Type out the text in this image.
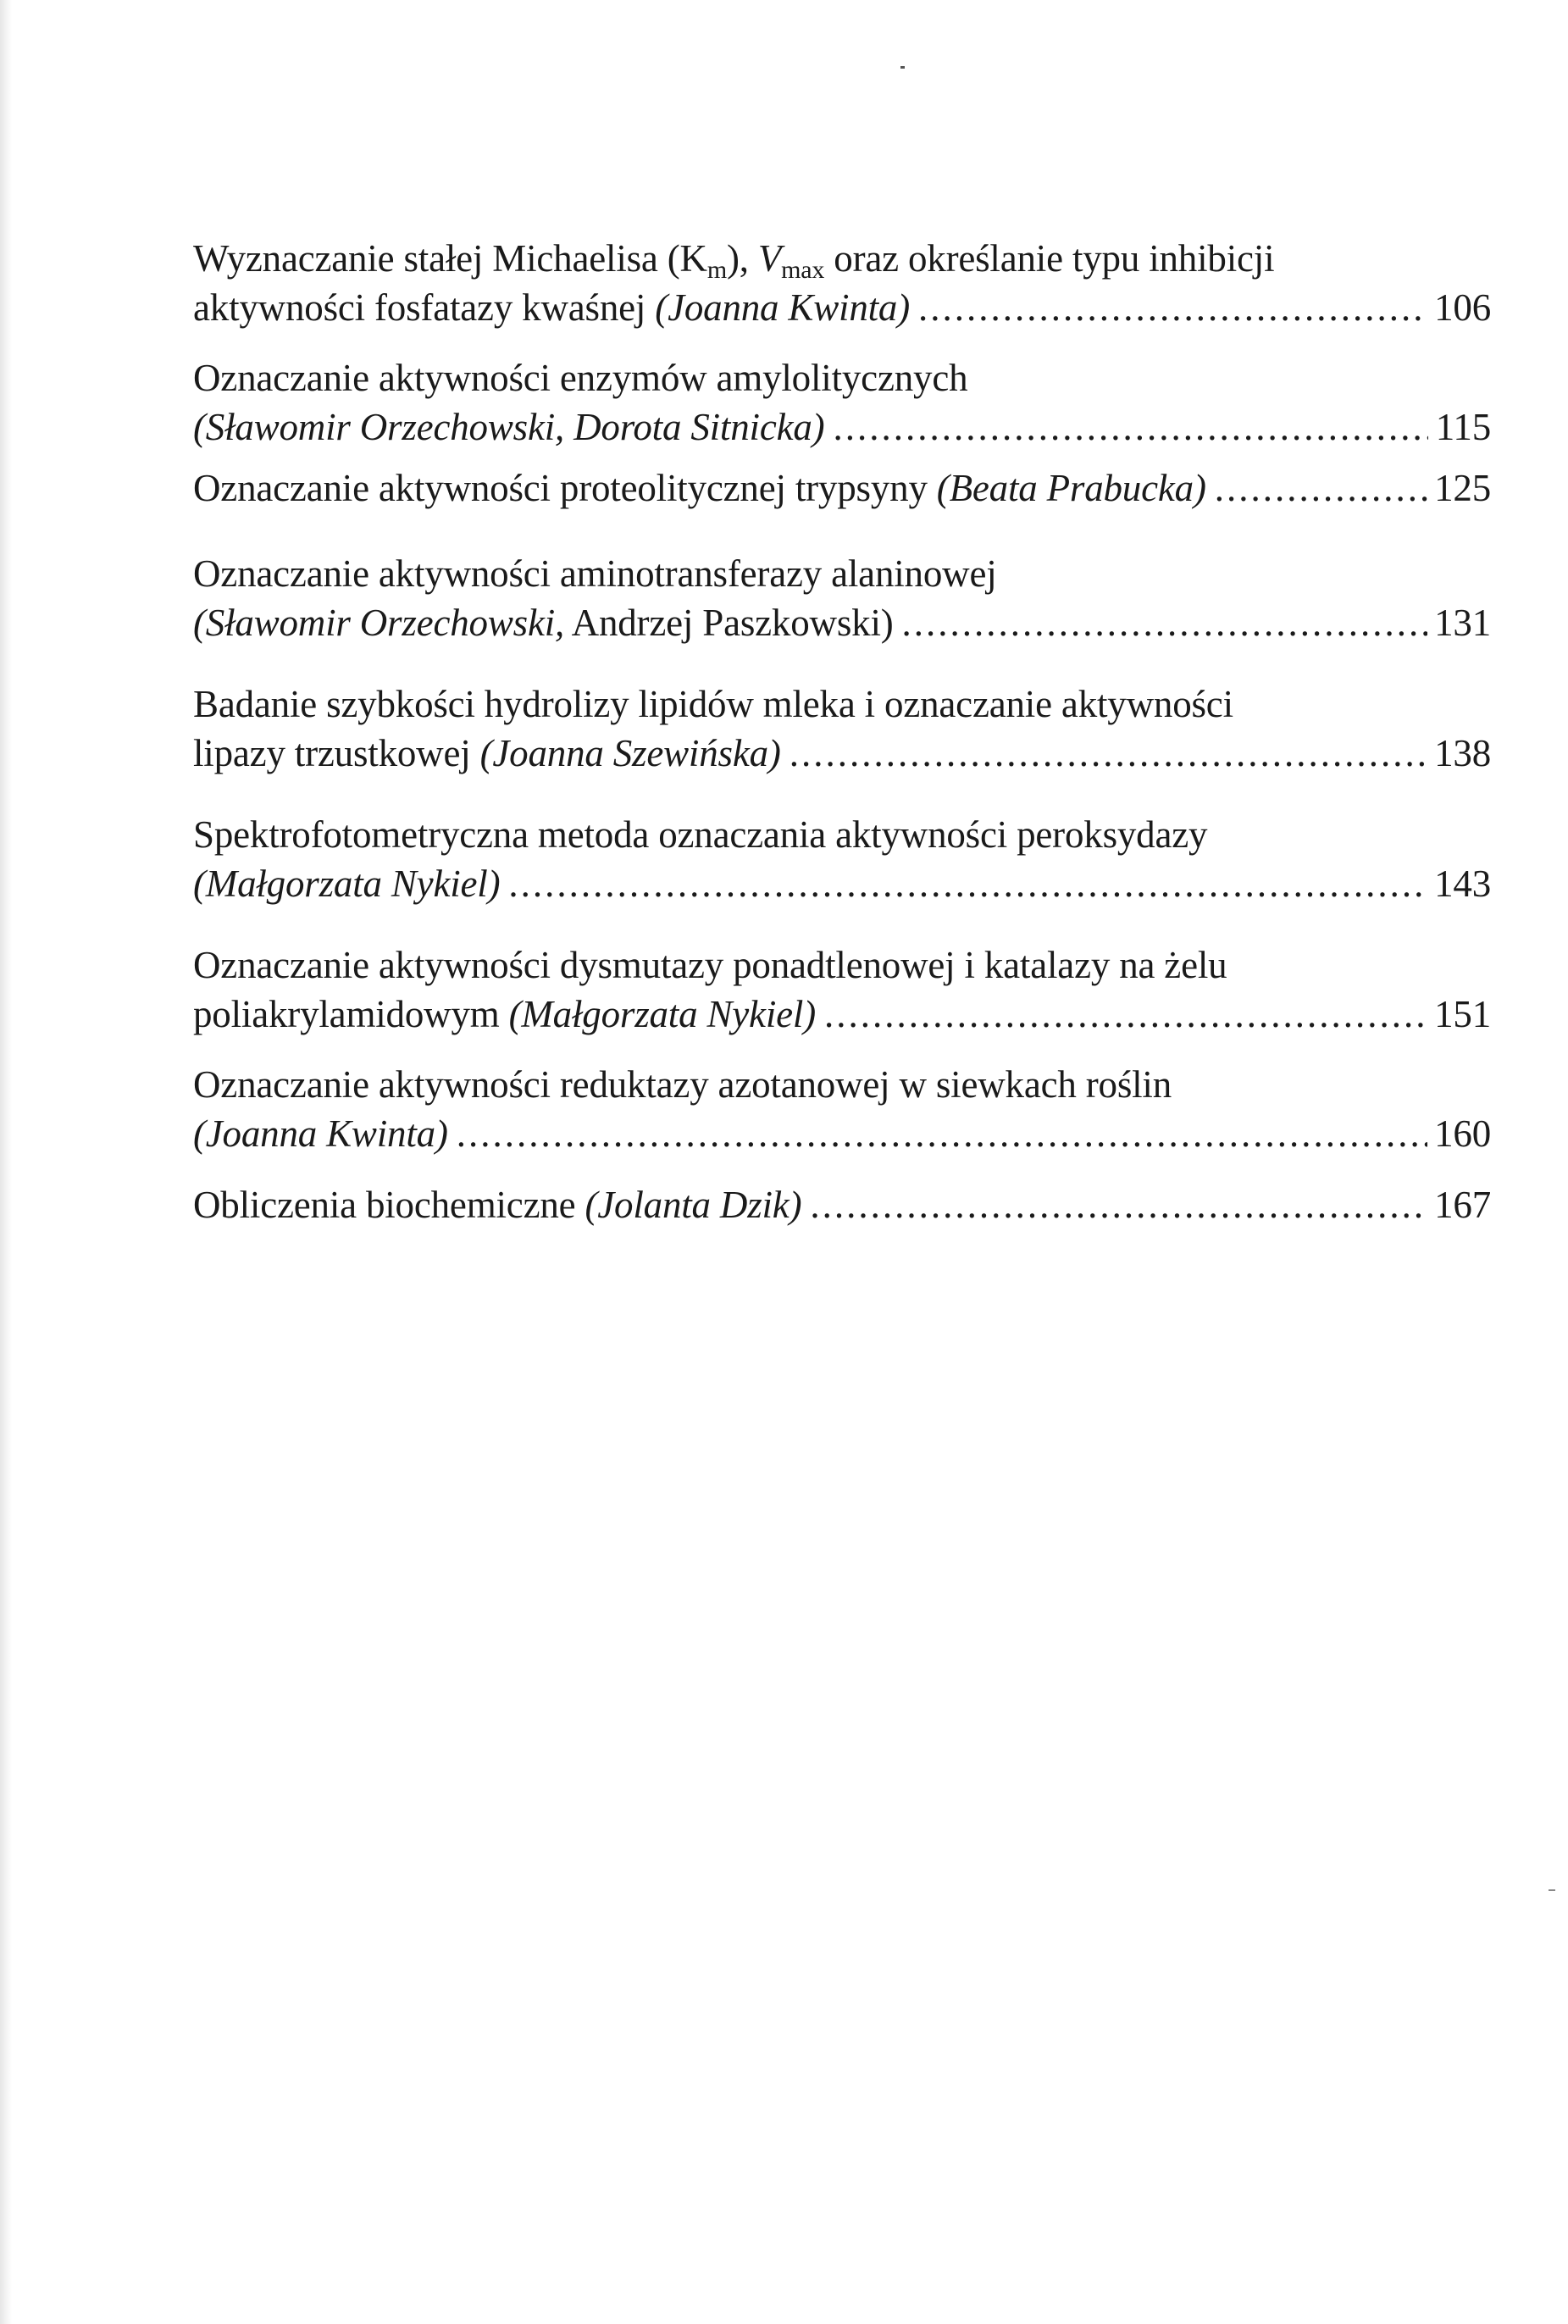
Wyznaczanie stałej Michaelisa $(K_m)$, $V_{max}$ oraz określanie typu inhibicji
aktywności fosfatazy kwaśnej (Joanna Kwinta) .....	106
Oznaczanie aktywności enzymów amylolitycznych
(Sławomir Orzechowski, Dorota Sitnicka) .....	115
Oznaczanie aktywności proteolitycznej trypsyny (Beata Prabucka) .....	125
Oznaczanie aktywności aminotransferazy alaninowej
(Sławomir Orzechowski, Andrzej Paszkowski) .....	131
Badanie szybkości hydrolizy lipidów mleka i oznaczanie aktywności
lipazy trzustkowej (Joanna Szewińska) .....	138
Spektrofotometryczna metoda oznaczania aktywności peroksydazy
(Małgorzata Nykiel) .....	143
Oznaczanie aktywności dysmutazy ponadtlenowej i katalazy na żelu
poliakrylamidowym (Małgorzata Nykiel) .....	151
Oznaczanie aktywności reduktazy azotanowej w siewkach roślin
(Joanna Kwinta) .....	160
Obliczenia biochemiczne (Jolanta Dzik) .....	167
